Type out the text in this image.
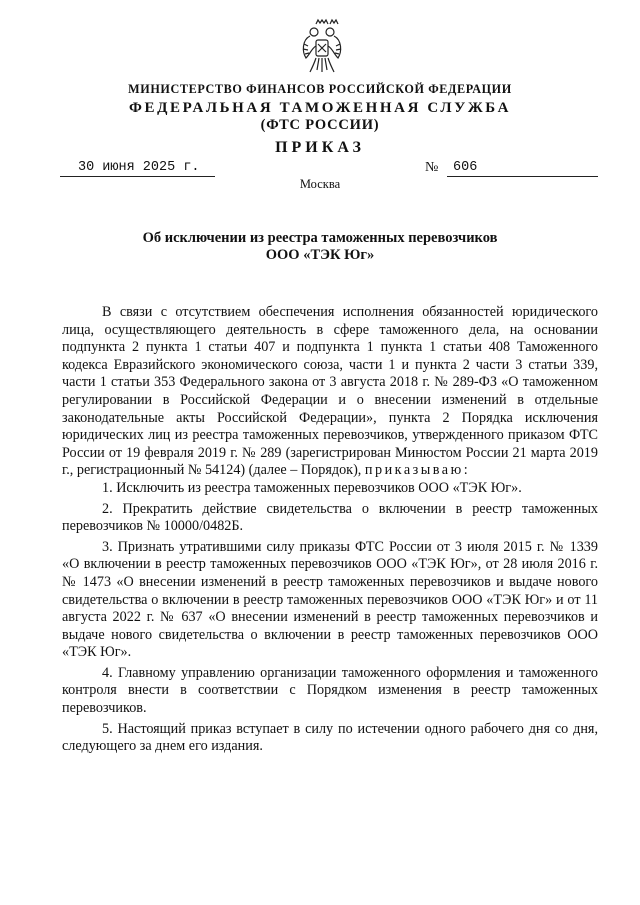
МИНИСТЕРСТВО ФИНАНСОВ РОССИЙСКОЙ ФЕДЕРАЦИИ
ФЕДЕРАЛЬНАЯ ТАМОЖЕННАЯ СЛУЖБА
(ФТС РОССИИ)
ПРИКАЗ
30 июня 2025 г.	№	606
Москва
Об исключении из реестра таможенных перевозчиков
ООО «ТЭК Юг»

В связи с отсутствием обеспечения исполнения обязанностей юридического лица, осуществляющего деятельность в сфере таможенного дела, на основании подпункта 2 пункта 1 статьи 407 и подпункта 1 пункта 1 статьи 408 Таможенного кодекса Евразийского экономического союза, части 1 и пункта 2 части 3 статьи 339, части 1 статьи 353 Федерального закона от 3 августа 2018 г. № 289-ФЗ «О таможенном регулировании в Российской Федерации и о внесении изменений в отдельные законодательные акты Российской Федерации», пункта 2 Порядка исключения юридических лиц из реестра таможенных перевозчиков, утвержденного приказом ФТС России от 19 февраля 2019 г. № 289 (зарегистрирован Минюстом России 21 марта 2019 г., регистрационный № 54124) (далее – Порядок), приказываю:

1. Исключить из реестра таможенных перевозчиков ООО «ТЭК Юг».

2. Прекратить действие свидетельства о включении в реестр таможенных перевозчиков № 10000/0482Б.

3. Признать утратившими силу приказы ФТС России от 3 июля 2015 г. № 1339 «О включении в реестр таможенных перевозчиков ООО «ТЭК Юг», от 28 июля 2016 г. № 1473 «О внесении изменений в реестр таможенных перевозчиков и выдаче нового свидетельства о включении в реестр таможенных перевозчиков ООО «ТЭК Юг» и от 11 августа 2022 г. № 637 «О внесении изменений в реестр таможенных перевозчиков и выдаче нового свидетельства о включении в реестр таможенных перевозчиков ООО «ТЭК Юг».

4. Главному управлению организации таможенного оформления и таможенного контроля внести в соответствии с Порядком изменения в реестр таможенных перевозчиков.

5. Настоящий приказ вступает в силу по истечении одного рабочего дня со дня, следующего за днем его издания.
